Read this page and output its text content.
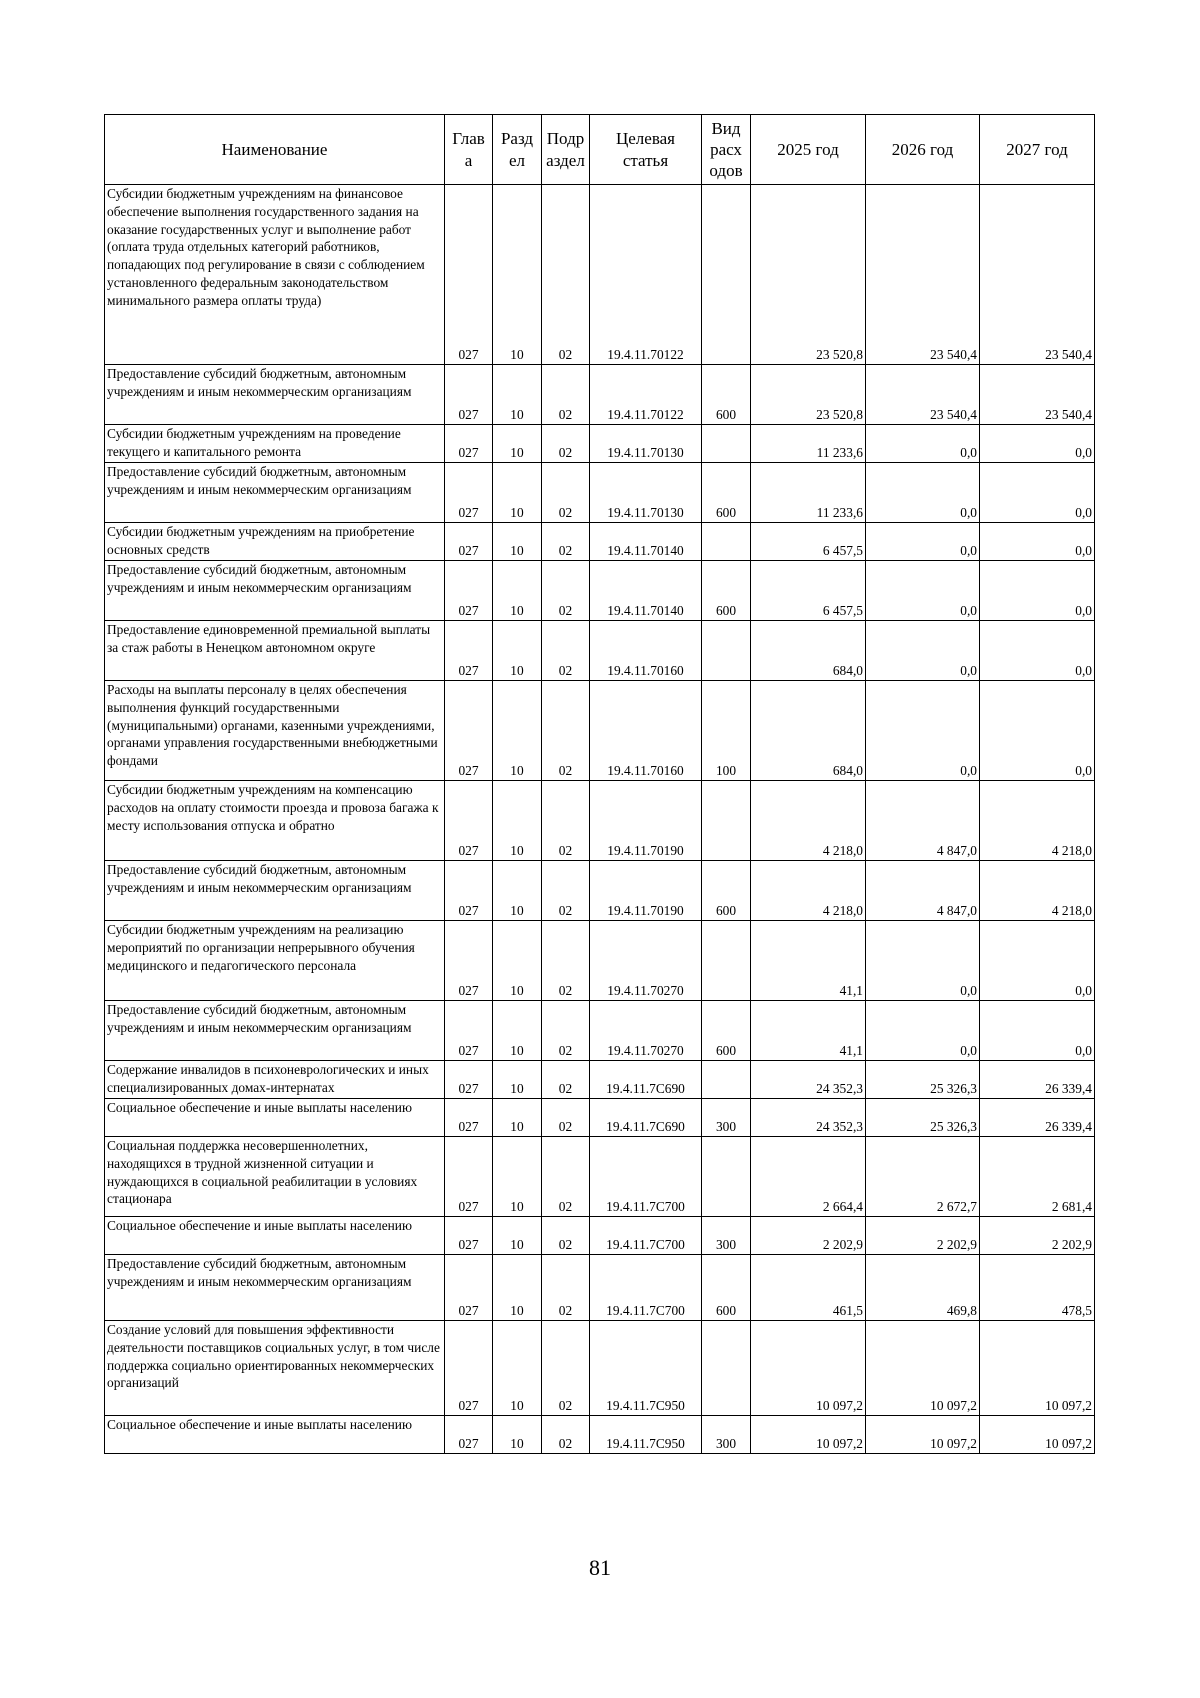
Наименование	Глав а	Разд ел	Подр аздел	Целевая статья	Вид расх одов	2025 год	2026 год	2027 год
Субсидии бюджетным учреждениям на финансовое обеспечение выполнения государственного задания на оказание государственных услуг и выполнение работ (оплата труда отдельных категорий работников, попадающих под регулирование в связи с соблюдением установленного федеральным законодательством минимального размера оплаты труда)	027	10	02	19.4.11.70122		23 520,8	23 540,4	23 540,4
Предоставление субсидий бюджетным, автономным учреждениям и иным некоммерческим организациям	027	10	02	19.4.11.70122	600	23 520,8	23 540,4	23 540,4
Субсидии бюджетным учреждениям на проведение текущего и капитального ремонта	027	10	02	19.4.11.70130		11 233,6	0,0	0,0
Предоставление субсидий бюджетным, автономным учреждениям и иным некоммерческим организациям	027	10	02	19.4.11.70130	600	11 233,6	0,0	0,0
Субсидии бюджетным учреждениям на приобретение основных средств	027	10	02	19.4.11.70140		6 457,5	0,0	0,0
Предоставление субсидий бюджетным, автономным учреждениям и иным некоммерческим организациям	027	10	02	19.4.11.70140	600	6 457,5	0,0	0,0
Предоставление единовременной премиальной выплаты за стаж работы в Ненецком автономном округе	027	10	02	19.4.11.70160		684,0	0,0	0,0
Расходы на выплаты персоналу в целях обеспечения выполнения функций государственными (муниципальными) органами, казенными учреждениями, органами управления государственными внебюджетными фондами	027	10	02	19.4.11.70160	100	684,0	0,0	0,0
Субсидии бюджетным учреждениям на компенсацию расходов на оплату стоимости проезда и провоза багажа к месту использования отпуска и обратно	027	10	02	19.4.11.70190		4 218,0	4 847,0	4 218,0
Предоставление субсидий бюджетным, автономным учреждениям и иным некоммерческим организациям	027	10	02	19.4.11.70190	600	4 218,0	4 847,0	4 218,0
Субсидии бюджетным учреждениям на реализацию мероприятий по организации непрерывного обучения медицинского и педагогического персонала	027	10	02	19.4.11.70270		41,1	0,0	0,0
Предоставление субсидий бюджетным, автономным учреждениям и иным некоммерческим организациям	027	10	02	19.4.11.70270	600	41,1	0,0	0,0
Содержание инвалидов в психоневрологических и иных специализированных домах-интернатах	027	10	02	19.4.11.7С690		24 352,3	25 326,3	26 339,4
Социальное обеспечение и иные выплаты населению	027	10	02	19.4.11.7С690	300	24 352,3	25 326,3	26 339,4
Социальная поддержка несовершеннолетних, находящихся в трудной жизненной ситуации и нуждающихся в социальной реабилитации в условиях стационара	027	10	02	19.4.11.7С700		2 664,4	2 672,7	2 681,4
Социальное обеспечение и иные выплаты населению	027	10	02	19.4.11.7С700	300	2 202,9	2 202,9	2 202,9
Предоставление субсидий бюджетным, автономным учреждениям и иным некоммерческим организациям	027	10	02	19.4.11.7С700	600	461,5	469,8	478,5
Создание условий для повышения эффективности деятельности поставщиков социальных услуг, в том числе поддержка социально ориентированных некоммерческих организаций	027	10	02	19.4.11.7С950		10 097,2	10 097,2	10 097,2
Социальное обеспечение и иные выплаты населению	027	10	02	19.4.11.7С950	300	10 097,2	10 097,2	10 097,2
81
